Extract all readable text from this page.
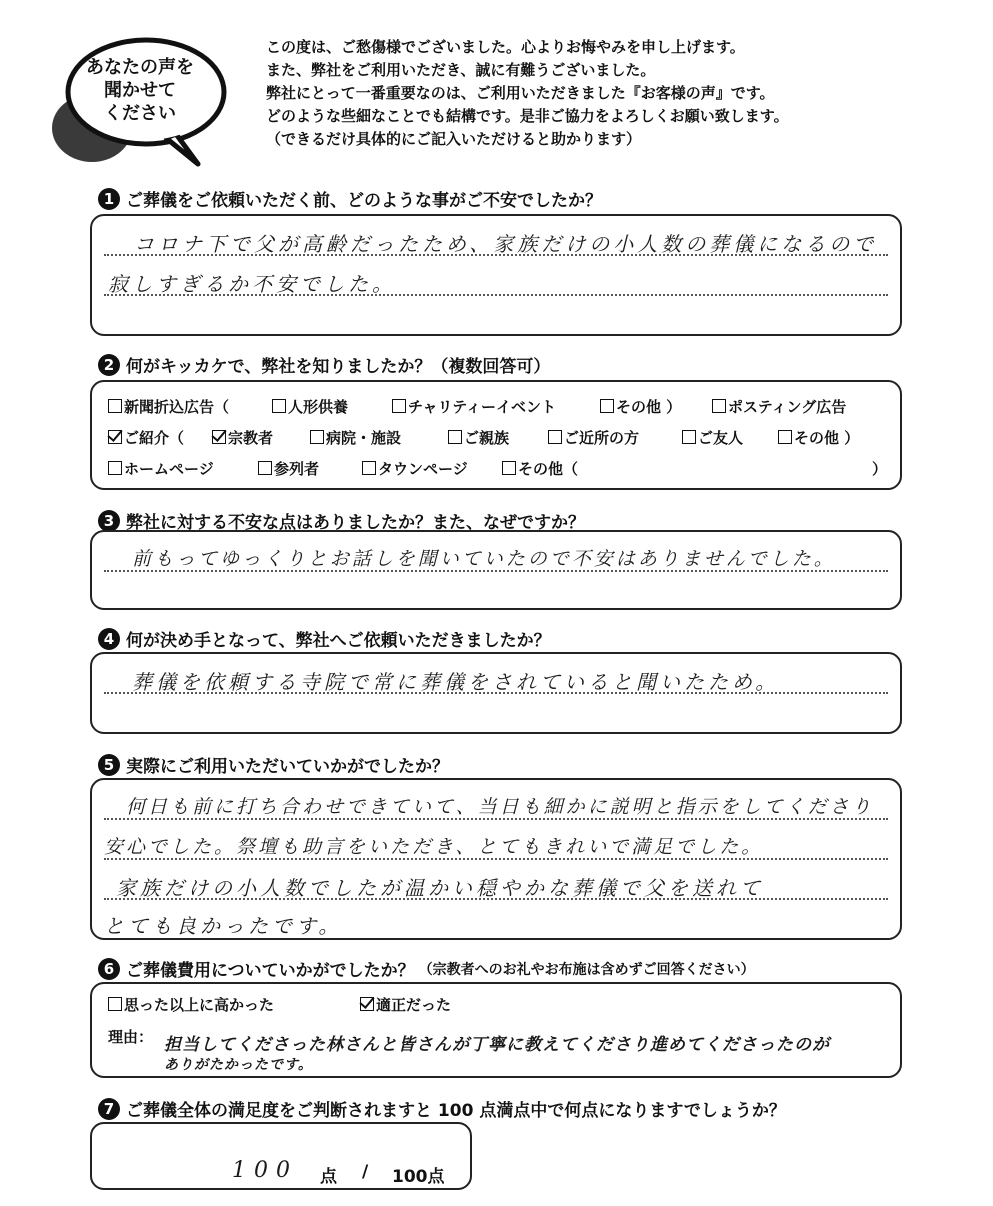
あなたの声を
聞かせて
ください
この度は、ご愁傷様でございました。心よりお悔やみを申し上げます。
また、弊社をご利用いただき、誠に有難うございました。
弊社にとって一番重要なのは、ご利用いただきました『お客様の声』です。
どのような些細なことでも結構です。是非ご協力をよろしくお願い致します。
（できるだけ具体的にご記入いただけると助かります）
1 ご葬儀をご依頼いただく前、どのような事がご不安でしたか？
コロナ下で父が高齢だったため、家族だけの小人数の葬儀になるので
寂しすぎるか不安でした。
2 何がキッカケで、弊社を知りましたか？（複数回答可）
新聞折込広告（	人形供養	チャリティーイベント	その他 ）	ポスティング広告
ご紹介（	宗教者	病院・施設	ご親族	ご近所の方	ご友人	その他 ）
ホームページ	参列者	タウンページ	その他（	）
3 弊社に対する不安な点はありましたか？また、なぜですか？
前もってゆっくりとお話しを聞いていたので不安はありませんでした。
4 何が決め手となって、弊社へご依頼いただきましたか？
葬儀を依頼する寺院で常に葬儀をされていると聞いたため。
5 実際にご利用いただいていかがでしたか？
何日も前に打ち合わせできていて、当日も細かに説明と指示をしてくださり
安心でした。祭壇も助言をいただき、とてもきれいで満足でした。
家族だけの小人数でしたが温かい穏やかな葬儀で父を送れて
とても良かったです。
6 ご葬儀費用についていかがでしたか？ （宗教者へのお礼やお布施は含めずご回答ください）
思った以上に高かった	適正だった
理由： 担当してくださった林さんと皆さんが丁寧に教えてくださり進めてくださったのが
ありがたかったです。
7 ご葬儀全体の満足度をご判断されますと 100 点満点中で何点になりますでしょうか？
100 点 / 100点
